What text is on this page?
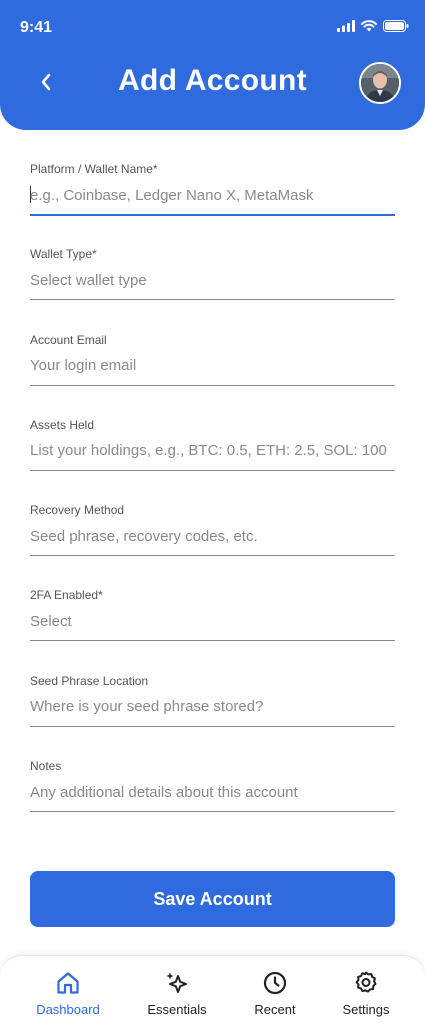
9:41
Add Account
Platform / Wallet Name*
e.g., Coinbase, Ledger Nano X, MetaMask
Wallet Type*
Select wallet type
Account Email
Your login email
Assets Held
List your holdings, e.g., BTC: 0.5, ETH: 2.5, SOL: 100
Recovery Method
Seed phrase, recovery codes, etc.
2FA Enabled*
Select
Seed Phrase Location
Where is your seed phrase stored?
Notes
Any additional details about this account
Save Account
Dashboard	Essentials	Recent	Settings
